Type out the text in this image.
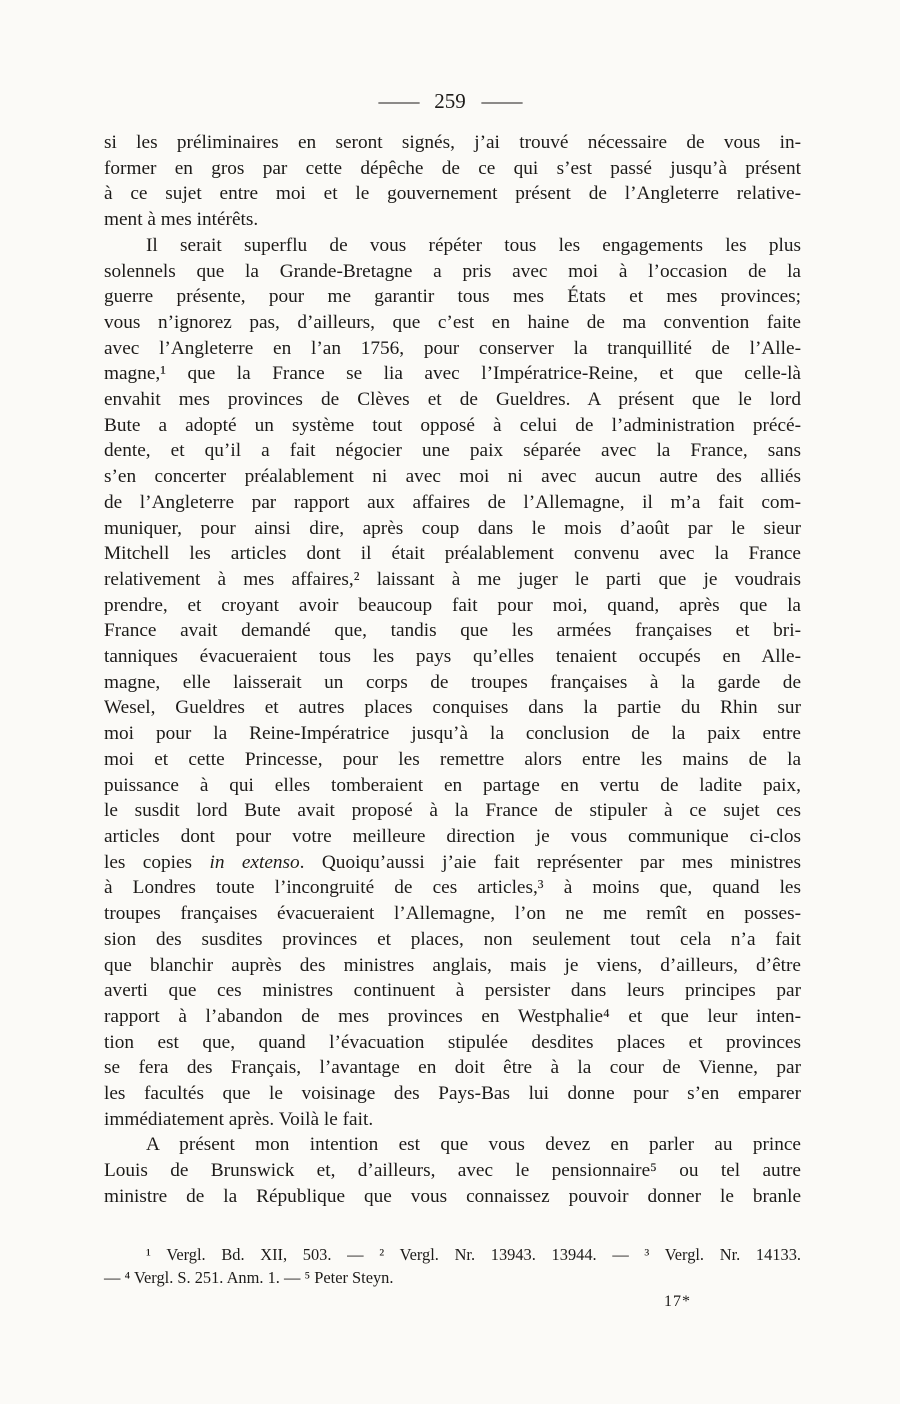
—— 259 ——
si les préliminaires en seront signés, j’ai trouvé nécessaire de vous in-
former en gros par cette dépêche de ce qui s’est passé jusqu’à présent
à ce sujet entre moi et le gouvernement présent de l’Angleterre relative-
ment à mes intérêts.
Il serait superflu de vous répéter tous les engagements les plus
solennels que la Grande-Bretagne a pris avec moi à l’occasion de la
guerre présente, pour me garantir tous mes États et mes provinces;
vous n’ignorez pas, d’ailleurs, que c’est en haine de ma convention faite
avec l’Angleterre en l’an 1756, pour conserver la tranquillité de l’Alle-
magne,¹ que la France se lia avec l’Impératrice-Reine, et que celle-là
envahit mes provinces de Clèves et de Gueldres. A présent que le lord
Bute a adopté un système tout opposé à celui de l’administration précé-
dente, et qu’il a fait négocier une paix séparée avec la France, sans
s’en concerter préalablement ni avec moi ni avec aucun autre des alliés
de l’Angleterre par rapport aux affaires de l’Allemagne, il m’a fait com-
muniquer, pour ainsi dire, après coup dans le mois d’août par le sieur
Mitchell les articles dont il était préalablement convenu avec la France
relativement à mes affaires,² laissant à me juger le parti que je voudrais
prendre, et croyant avoir beaucoup fait pour moi, quand, après que la
France avait demandé que, tandis que les armées françaises et bri-
tanniques évacueraient tous les pays qu’elles tenaient occupés en Alle-
magne, elle laisserait un corps de troupes françaises à la garde de
Wesel, Gueldres et autres places conquises dans la partie du Rhin sur
moi pour la Reine-Impératrice jusqu’à la conclusion de la paix entre
moi et cette Princesse, pour les remettre alors entre les mains de la
puissance à qui elles tomberaient en partage en vertu de ladite paix,
le susdit lord Bute avait proposé à la France de stipuler à ce sujet ces
articles dont pour votre meilleure direction je vous communique ci-clos
les copies in extenso. Quoiqu’aussi j’aie fait représenter par mes ministres
à Londres toute l’incongruité de ces articles,³ à moins que, quand les
troupes françaises évacueraient l’Allemagne, l’on ne me remît en posses-
sion des susdites provinces et places, non seulement tout cela n’a fait
que blanchir auprès des ministres anglais, mais je viens, d’ailleurs, d’être
averti que ces ministres continuent à persister dans leurs principes par
rapport à l’abandon de mes provinces en Westphalie⁴ et que leur inten-
tion est que, quand l’évacuation stipulée desdites places et provinces
se fera des Français, l’avantage en doit être à la cour de Vienne, par
les facultés que le voisinage des Pays-Bas lui donne pour s’en emparer
immédiatement après. Voilà le fait.
A présent mon intention est que vous devez en parler au prince
Louis de Brunswick et, d’ailleurs, avec le pensionnaire⁵ ou tel autre
ministre de la République que vous connaissez pouvoir donner le branle
¹ Vergl. Bd. XII, 503. — ² Vergl. Nr. 13943. 13944. — ³ Vergl. Nr. 14133.
— ⁴ Vergl. S. 251. Anm. 1. — ⁵ Peter Steyn.
17*
